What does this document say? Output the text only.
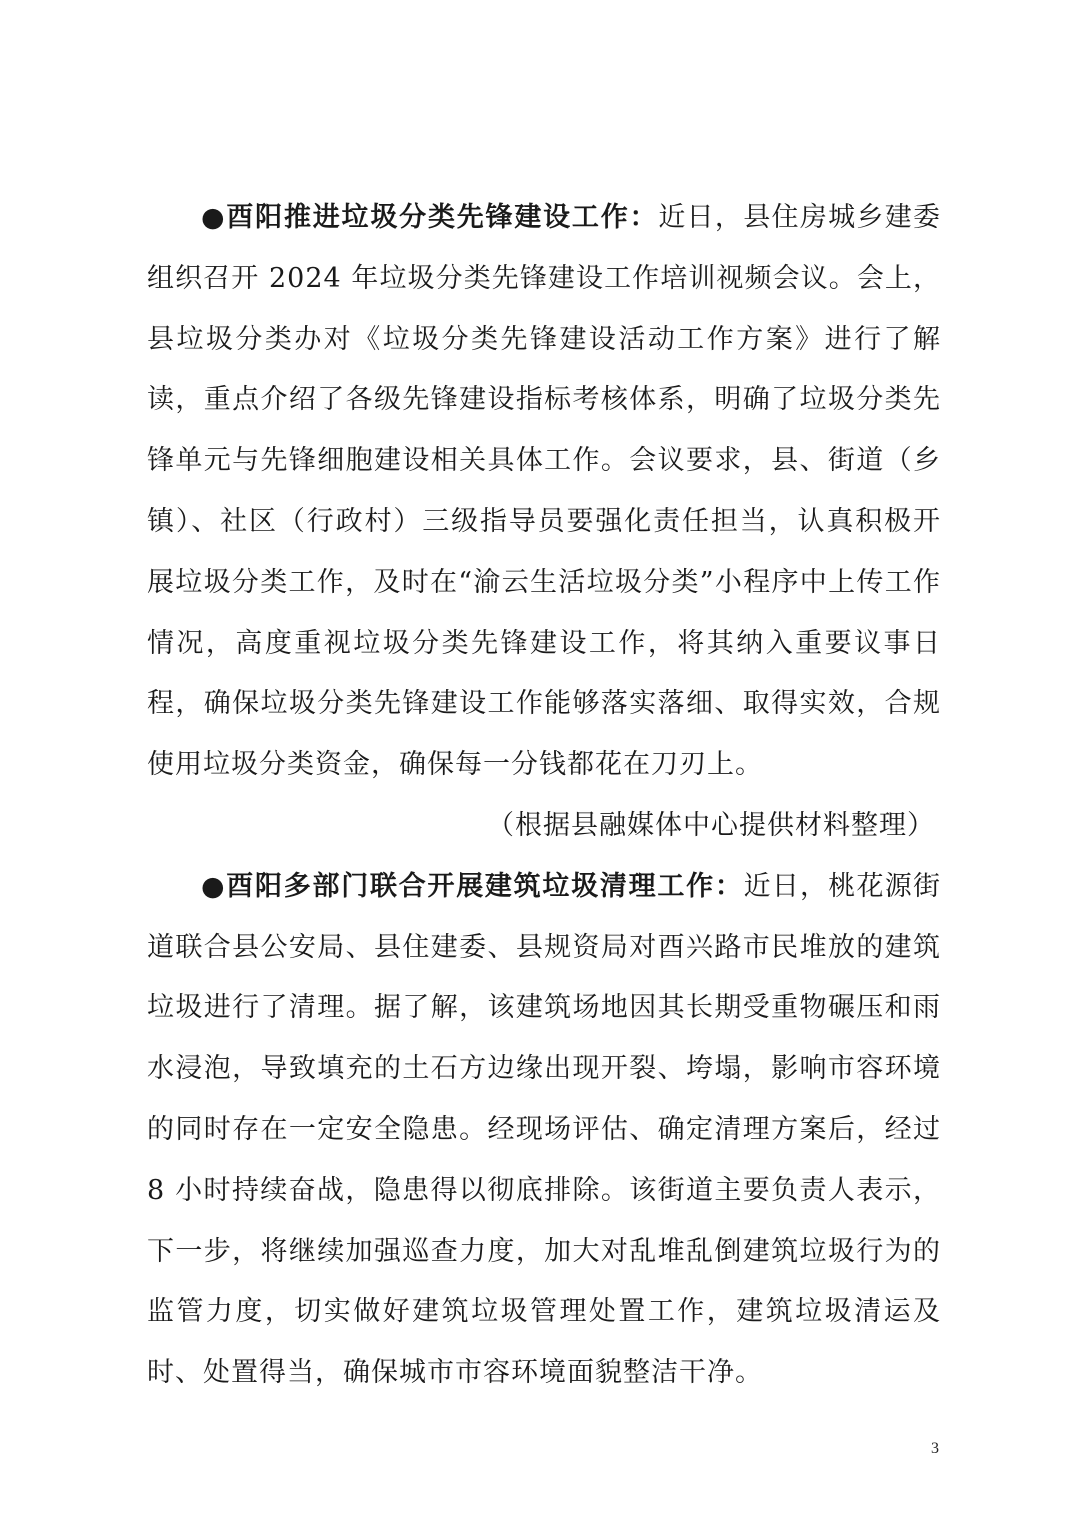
●酉阳推进垃圾分类先锋建设工作：近日，县住房城乡建委组织召开 2024 年垃圾分类先锋建设工作培训视频会议。会上，县垃圾分类办对《垃圾分类先锋建设活动工作方案》进行了解读，重点介绍了各级先锋建设指标考核体系，明确了垃圾分类先锋单元与先锋细胞建设相关具体工作。会议要求，县、街道（乡镇）、社区（行政村）三级指导员要强化责任担当，认真积极开展垃圾分类工作，及时在“渝云生活垃圾分类”小程序中上传工作情况，高度重视垃圾分类先锋建设工作，将其纳入重要议事日程，确保垃圾分类先锋建设工作能够落实落细、取得实效，合规使用垃圾分类资金，确保每一分钱都花在刀刃上。

（根据县融媒体中心提供材料整理）

●酉阳多部门联合开展建筑垃圾清理工作：近日，桃花源街道联合县公安局、县住建委、县规资局对酉兴路市民堆放的建筑垃圾进行了清理。据了解，该建筑场地因其长期受重物碾压和雨水浸泡，导致填充的土石方边缘出现开裂、垮塌，影响市容环境的同时存在一定安全隐患。经现场评估、确定清理方案后，经过 8 小时持续奋战，隐患得以彻底排除。该街道主要负责人表示，下一步，将继续加强巡查力度，加大对乱堆乱倒建筑垃圾行为的监管力度，切实做好建筑垃圾管理处置工作，建筑垃圾清运及时、处置得当，确保城市市容环境面貌整洁干净。

3
